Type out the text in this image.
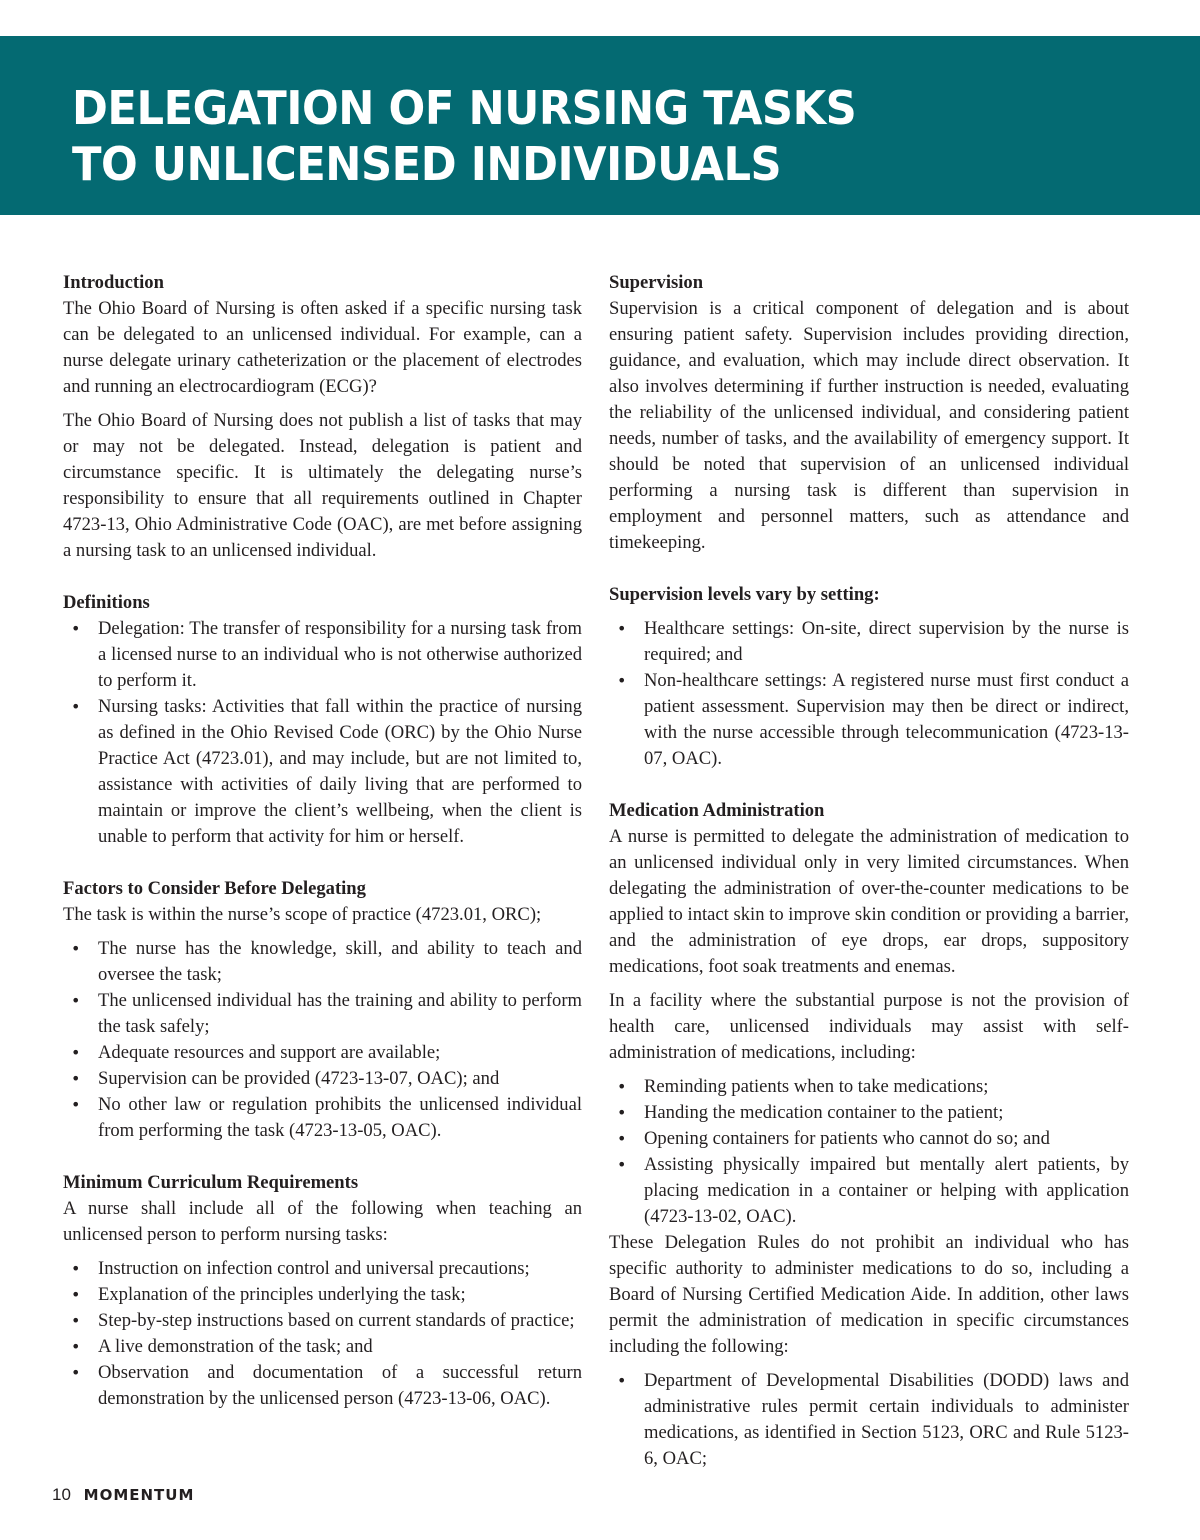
DELEGATION OF NURSING TASKS
TO UNLICENSED INDIVIDUALS
Introduction

The Ohio Board of Nursing is often asked if a specific nursing task can be delegated to an unlicensed individual. For example, can a nurse delegate urinary catheterization or the placement of electrodes and running an electrocardiogram (ECG)?

The Ohio Board of Nursing does not publish a list of tasks that may or may not be delegated. Instead, delegation is patient and circumstance specific. It is ultimately the delegating nurse’s responsibility to ensure that all requirements outlined in Chapter 4723-13, Ohio Administrative Code (OAC), are met before assigning a nursing task to an unlicensed individual.

Definitions
• Delegation: The transfer of responsibility for a nursing task from a licensed nurse to an individual who is not otherwise authorized to perform it.
• Nursing tasks: Activities that fall within the practice of nursing as defined in the Ohio Revised Code (ORC) by the Ohio Nurse Practice Act (4723.01), and may include, but are not limited to, assistance with activities of daily living that are performed to maintain or improve the client’s wellbeing, when the client is unable to perform that activity for him or herself.
Factors to Consider Before Delegating

The task is within the nurse’s scope of practice (4723.01, ORC);

• The nurse has the knowledge, skill, and ability to teach and oversee the task;
• The unlicensed individual has the training and ability to perform the task safely;
• Adequate resources and support are available;
• Supervision can be provided (4723-13-07, OAC); and
• No other law or regulation prohibits the unlicensed individual from performing the task (4723-13-05, OAC).
Minimum Curriculum Requirements

A nurse shall include all of the following when teaching an unlicensed person to perform nursing tasks:

• Instruction on infection control and universal precautions;
• Explanation of the principles underlying the task;
• Step-by-step instructions based on current standards of practice;
• A live demonstration of the task; and
• Observation and documentation of a successful return demonstration by the unlicensed person (4723-13-06, OAC).
Supervision

Supervision is a critical component of delegation and is about ensuring patient safety. Supervision includes providing direction, guidance, and evaluation, which may include direct observation. It also involves determining if further instruction is needed, evaluating the reliability of the unlicensed individual, and considering patient needs, number of tasks, and the availability of emergency support. It should be noted that supervision of an unlicensed individual performing a nursing task is different than supervision in employment and personnel matters, such as attendance and timekeeping.

Supervision levels vary by setting:
• Healthcare settings: On-site, direct supervision by the nurse is required; and
• Non-healthcare settings: A registered nurse must first conduct a patient assessment. Supervision may then be direct or indirect, with the nurse accessible through telecommunication (4723-13-07, OAC).
Medication Administration

A nurse is permitted to delegate the administration of medication to an unlicensed individual only in very limited circumstances. When delegating the administration of over-the-counter medications to be applied to intact skin to improve skin condition or providing a barrier, and the administration of eye drops, ear drops, suppository medications, foot soak treatments and enemas.

In a facility where the substantial purpose is not the provision of health care, unlicensed individuals may assist with self-administration of medications, including:

• Reminding patients when to take medications;
• Handing the medication container to the patient;
• Opening containers for patients who cannot do so; and
• Assisting physically impaired but mentally alert patients, by placing medication in a container or helping with application (4723-13-02, OAC).

These Delegation Rules do not prohibit an individual who has specific authority to administer medications to do so, including a Board of Nursing Certified Medication Aide. In addition, other laws permit the administration of medication in specific circumstances including the following:

• Department of Developmental Disabilities (DODD) laws and administrative rules permit certain individuals to administer medications, as identified in Section 5123, ORC and Rule 5123-6, OAC;
10 MOMENTUM
